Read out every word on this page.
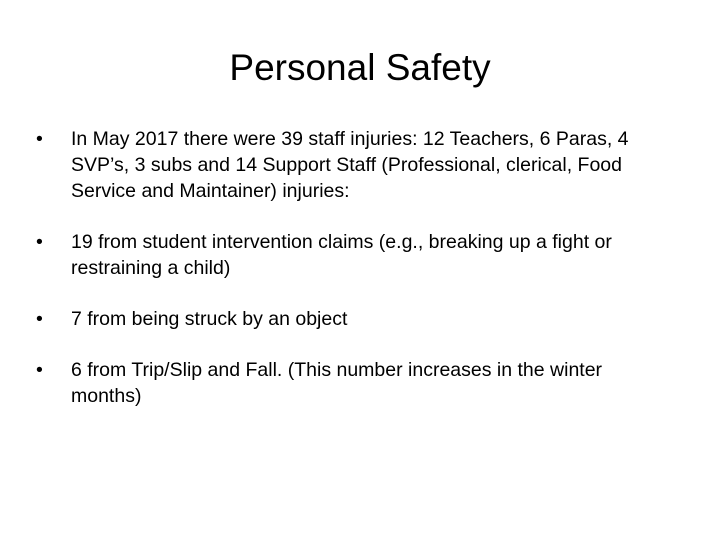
Personal Safety
•	In May 2017 there were 39 staff injuries: 12 Teachers, 6 Paras, 4 SVP’s, 3 subs and 14 Support Staff (Professional, clerical, Food Service and Maintainer) injuries:
•	19 from student intervention claims (e.g., breaking up a fight or restraining a child)
•	7 from being struck by an object
•	6 from Trip/Slip and Fall. (This number increases in the winter months)
